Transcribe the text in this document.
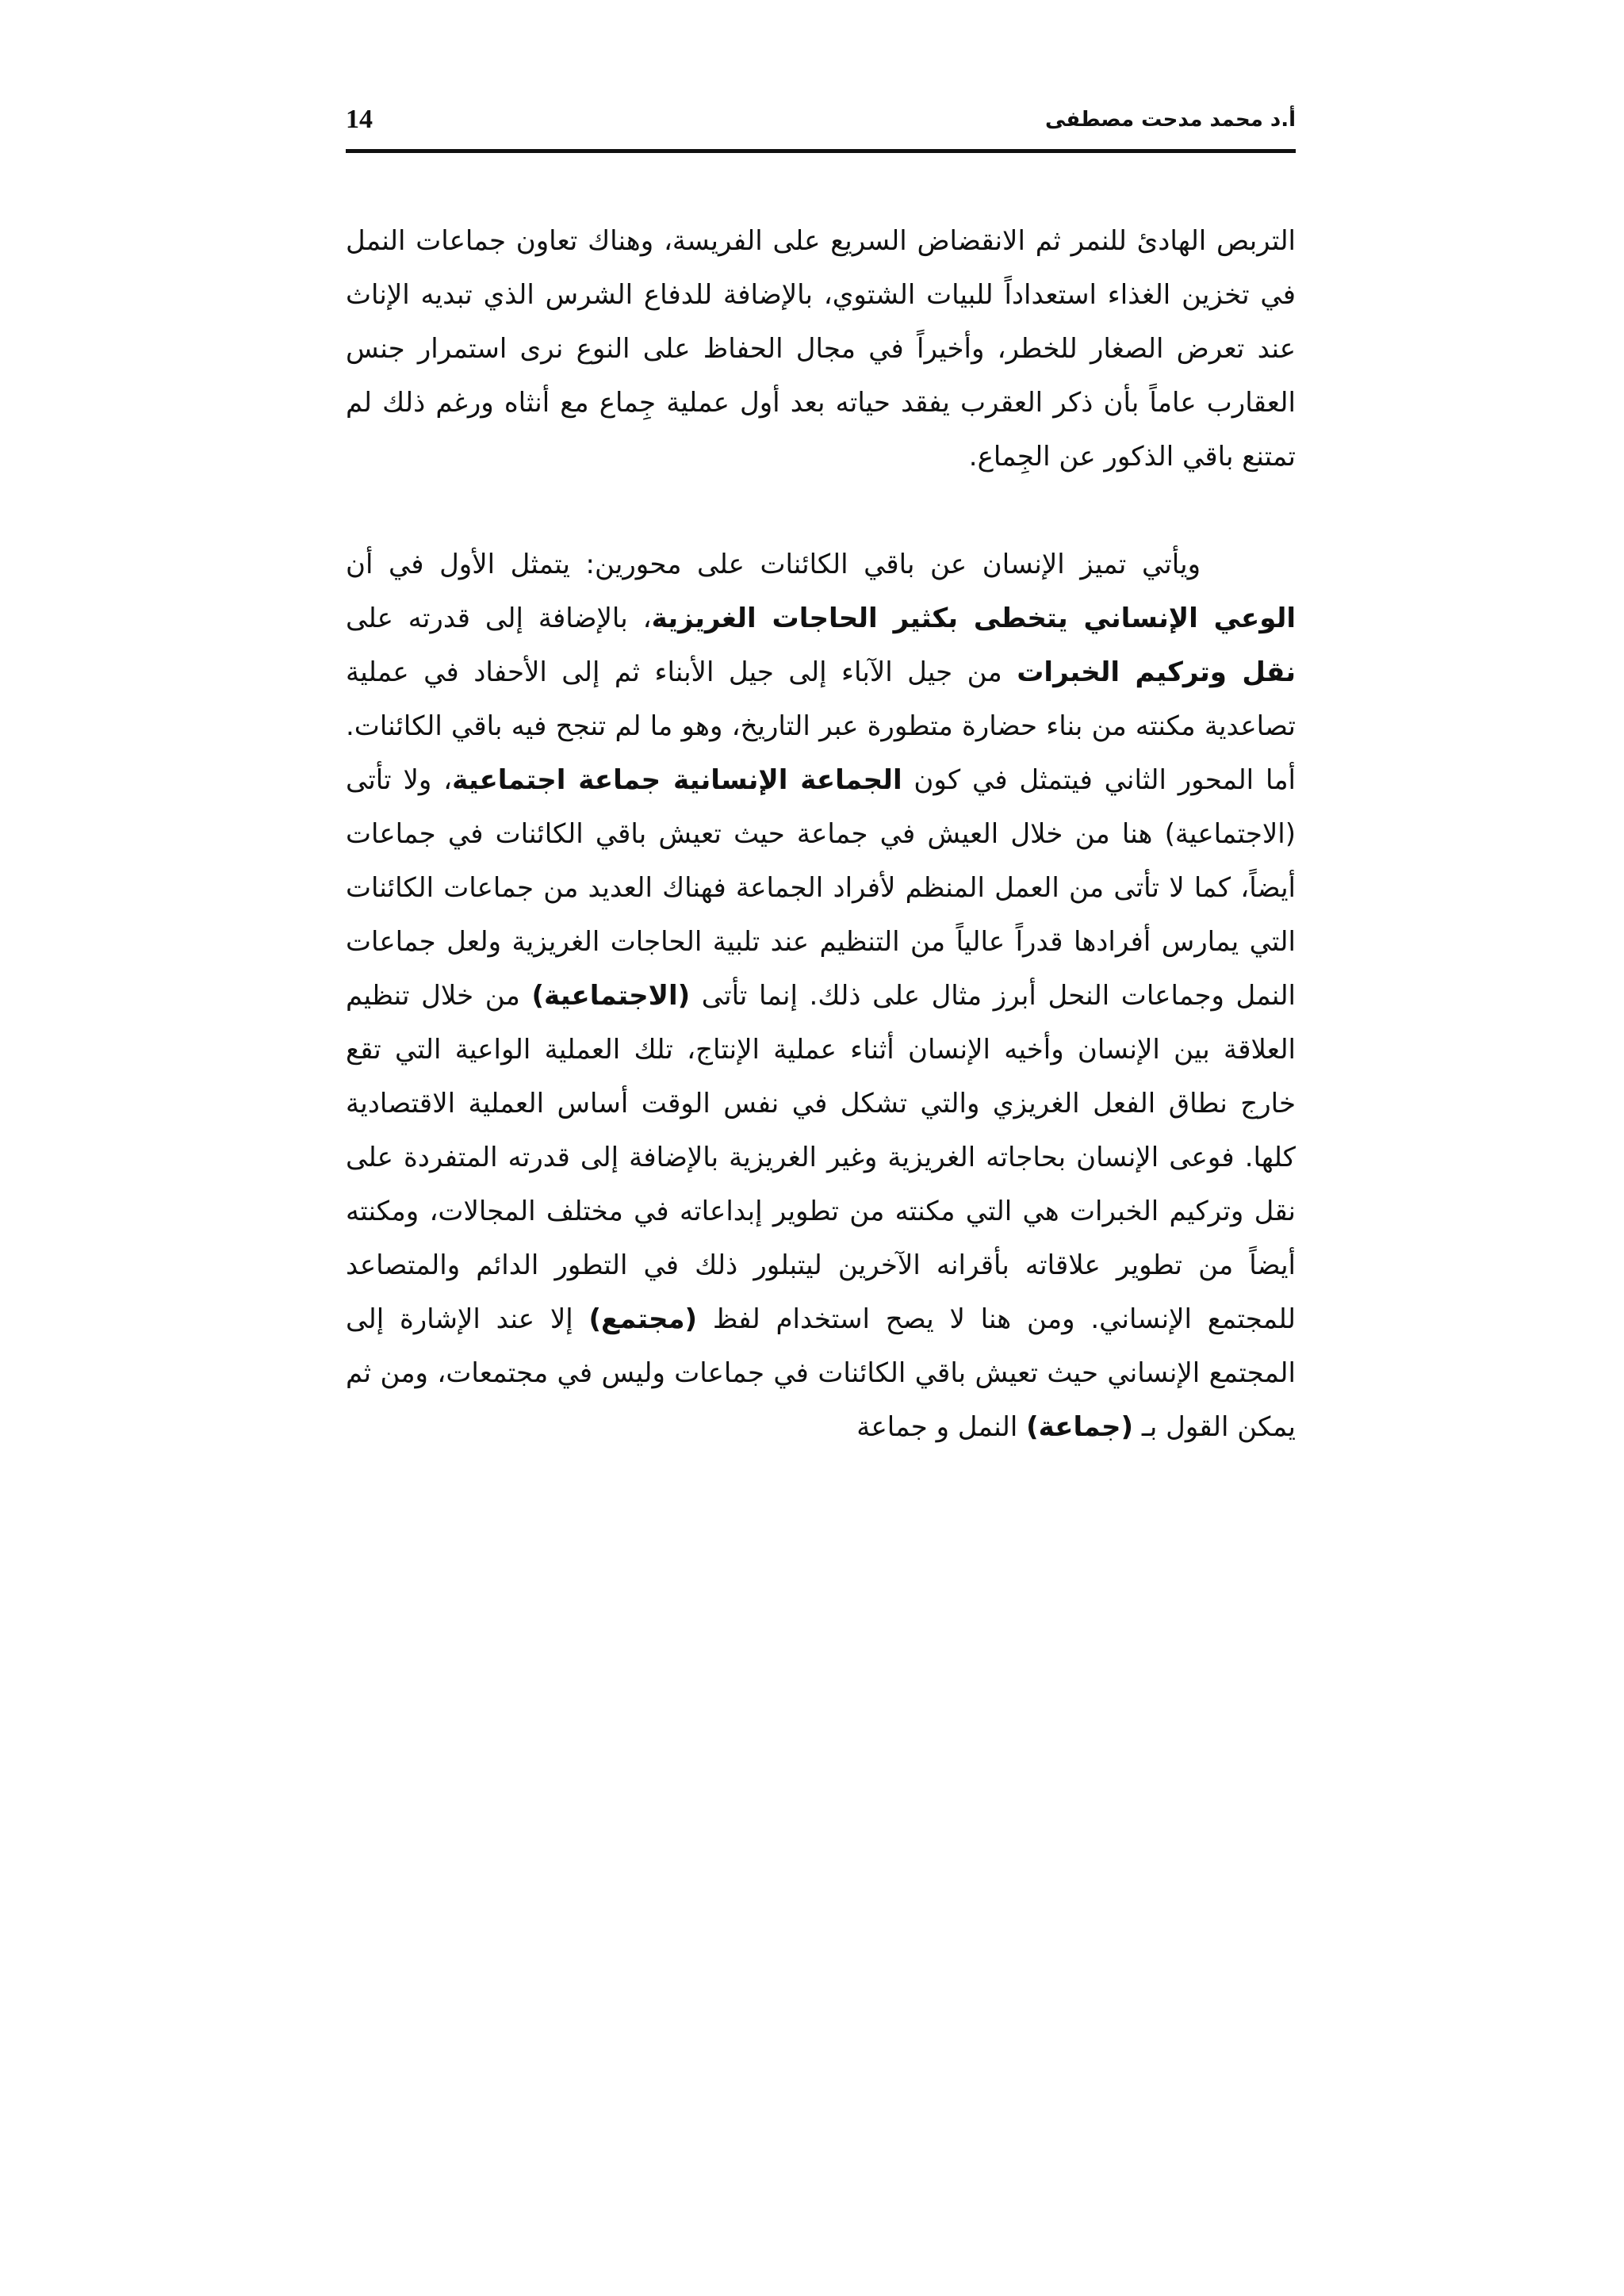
أ.د محمد مدحت مصطفى
14

التربص الهادئ للنمر ثم الانقضاض السريع على الفريسة، وهناك تعاون جماعات النمل في تخزين الغذاء استعداداً للبيات الشتوي، بالإضافة للدفاع الشرس الذي تبديه الإناث عند تعرض الصغار للخطر، وأخيراً في مجال الحفاظ على النوع نرى استمرار جنس العقارب عاماً بأن ذكر العقرب يفقد حياته بعد أول عملية جِماع مع أنثاه ورغم ذلك لم تمتنع باقي الذكور عن الجِماع.

ويأتي تميز الإنسان عن باقي الكائنات على محورين: يتمثل الأول في أن الوعي الإنساني يتخطى بكثير الحاجات الغريزية، بالإضافة إلى قدرته على نقل وتركيم الخبرات من جيل الآباء إلى جيل الأبناء ثم إلى الأحفاد في عملية تصاعدية مكنته من بناء حضارة متطورة عبر التاريخ، وهو ما لم تنجح فيه باقي الكائنات. أما المحور الثاني فيتمثل في كون الجماعة الإنسانية جماعة اجتماعية، ولا تأتى (الاجتماعية) هنا من خلال العيش في جماعة حيث تعيش باقي الكائنات في جماعات أيضاً، كما لا تأتى من العمل المنظم لأفراد الجماعة فهناك العديد من جماعات الكائنات التي يمارس أفرادها قدراً عالياً من التنظيم عند تلبية الحاجات الغريزية ولعل جماعات النمل وجماعات النحل أبرز مثال على ذلك. إنما تأتى (الاجتماعية) من خلال تنظيم العلاقة بين الإنسان وأخيه الإنسان أثناء عملية الإنتاج، تلك العملية الواعية التي تقع خارج نطاق الفعل الغريزي والتي تشكل في نفس الوقت أساس العملية الاقتصادية كلها. فوعى الإنسان بحاجاته الغريزية وغير الغريزية بالإضافة إلى قدرته المتفردة على نقل وتركيم الخبرات هي التي مكنته من تطوير إبداعاته في مختلف المجالات، ومكنته أيضاً من تطوير علاقاته بأقرانه الآخرين ليتبلور ذلك في التطور الدائم والمتصاعد للمجتمع الإنساني. ومن هنا لا يصح استخدام لفظ (مجتمع) إلا عند الإشارة إلى المجتمع الإنساني حيث تعيش باقي الكائنات في جماعات وليس في مجتمعات، ومن ثم يمكن القول بـ (جماعة) النمل و جماعة
